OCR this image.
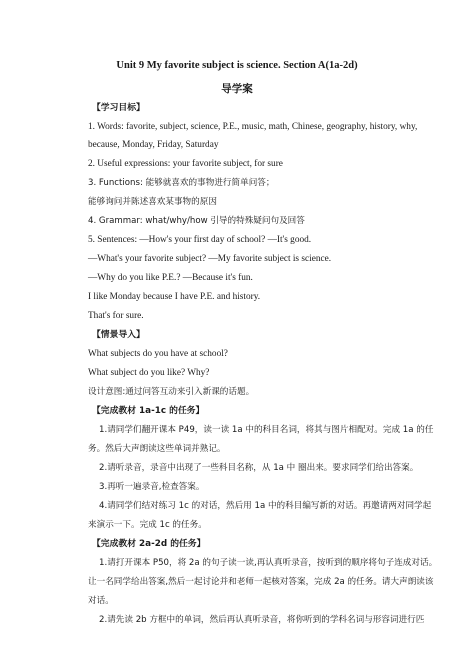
Unit 9 My favorite subject is science. Section A(1a-2d)
导学案
【学习目标】
1. Words: favorite, subject, science, P.E., music, math, Chinese, geography, history, why,
because, Monday, Friday, Saturday
2. Useful expressions: your favorite subject, for sure
3. Functions: 能够就喜欢的事物进行简单问答；
能够询问并陈述喜欢某事物的原因
4. Grammar: what/why/how 引导的特殊疑问句及回答
5. Sentences: —How's your first day of school? —It's good.
—What's your favorite subject? —My favorite subject is science.
—Why do you like P.E.? —Because it's fun.
I like Monday because I have P.E. and history.
That's for sure.
【情景导入】
What subjects do you have at school?
What subject do you like? Why?
设计意图:通过问答互动来引入新课的话题。
【完成教材 1a-1c 的任务】
1.请同学们翻开课本 P49，读一读 1a 中的科目名词，将其与图片相配对。完成 1a 的任
务。然后大声朗读这些单词并熟记。
2.请听录音，录音中出现了一些科目名称，从 1a 中 圈出来。要求同学们给出答案。
3.再听一遍录音,检查答案。
4.请同学们结对练习 1c 的对话，然后用 1a 中的科目编写新的对话。再邀请两对同学起
来演示一下。完成 1c 的任务。
【完成教材 2a-2d 的任务】
1.请打开课本 P50，将 2a 的句子读一读,再认真听录音，按听到的顺序将句子连成对话。
让一名同学给出答案,然后一起讨论并和老师一起核对答案，完成 2a 的任务。请大声朗读该
对话。
2.请先读 2b 方框中的单词，然后再认真听录音，将你听到的学科名词与形容词进行匹
